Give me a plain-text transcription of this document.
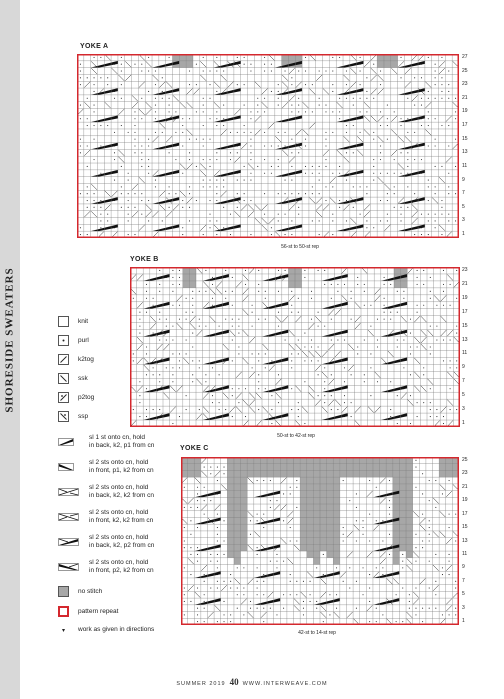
SHORESIDE SWEATERS
YOKE A
27
25
23
21
19
17
15
13
11
9
7
5
3
1
56-st to 50-st rep
YOKE B
23
21
19
17
15
13
11
9
7
5
3
1
50-st to 42-st rep
YOKE C
25
23
21
19
17
15
13
11
9
7
5
3
1
42-st to 14-st rep
knit
purl
k2tog
ssk
p2tog
ssp
sl 1 st onto cn, hold
in back, k2, p1 from cn
sl 2 sts onto cn, hold
in front, p1, k2 from cn
sl 2 sts onto cn, hold
in back, k2, k2 from cn
sl 2 sts onto cn, hold
in front, k2, k2 from cn
sl 2 sts onto cn, hold
in back, k2, p2 from cn
sl 2 sts onto cn, hold
in front, p2, k2 from cn
no stitch
pattern repeat
▾	work as given in directions
SUMMER 2019 40 WWW.INTERWEAVE.COM
